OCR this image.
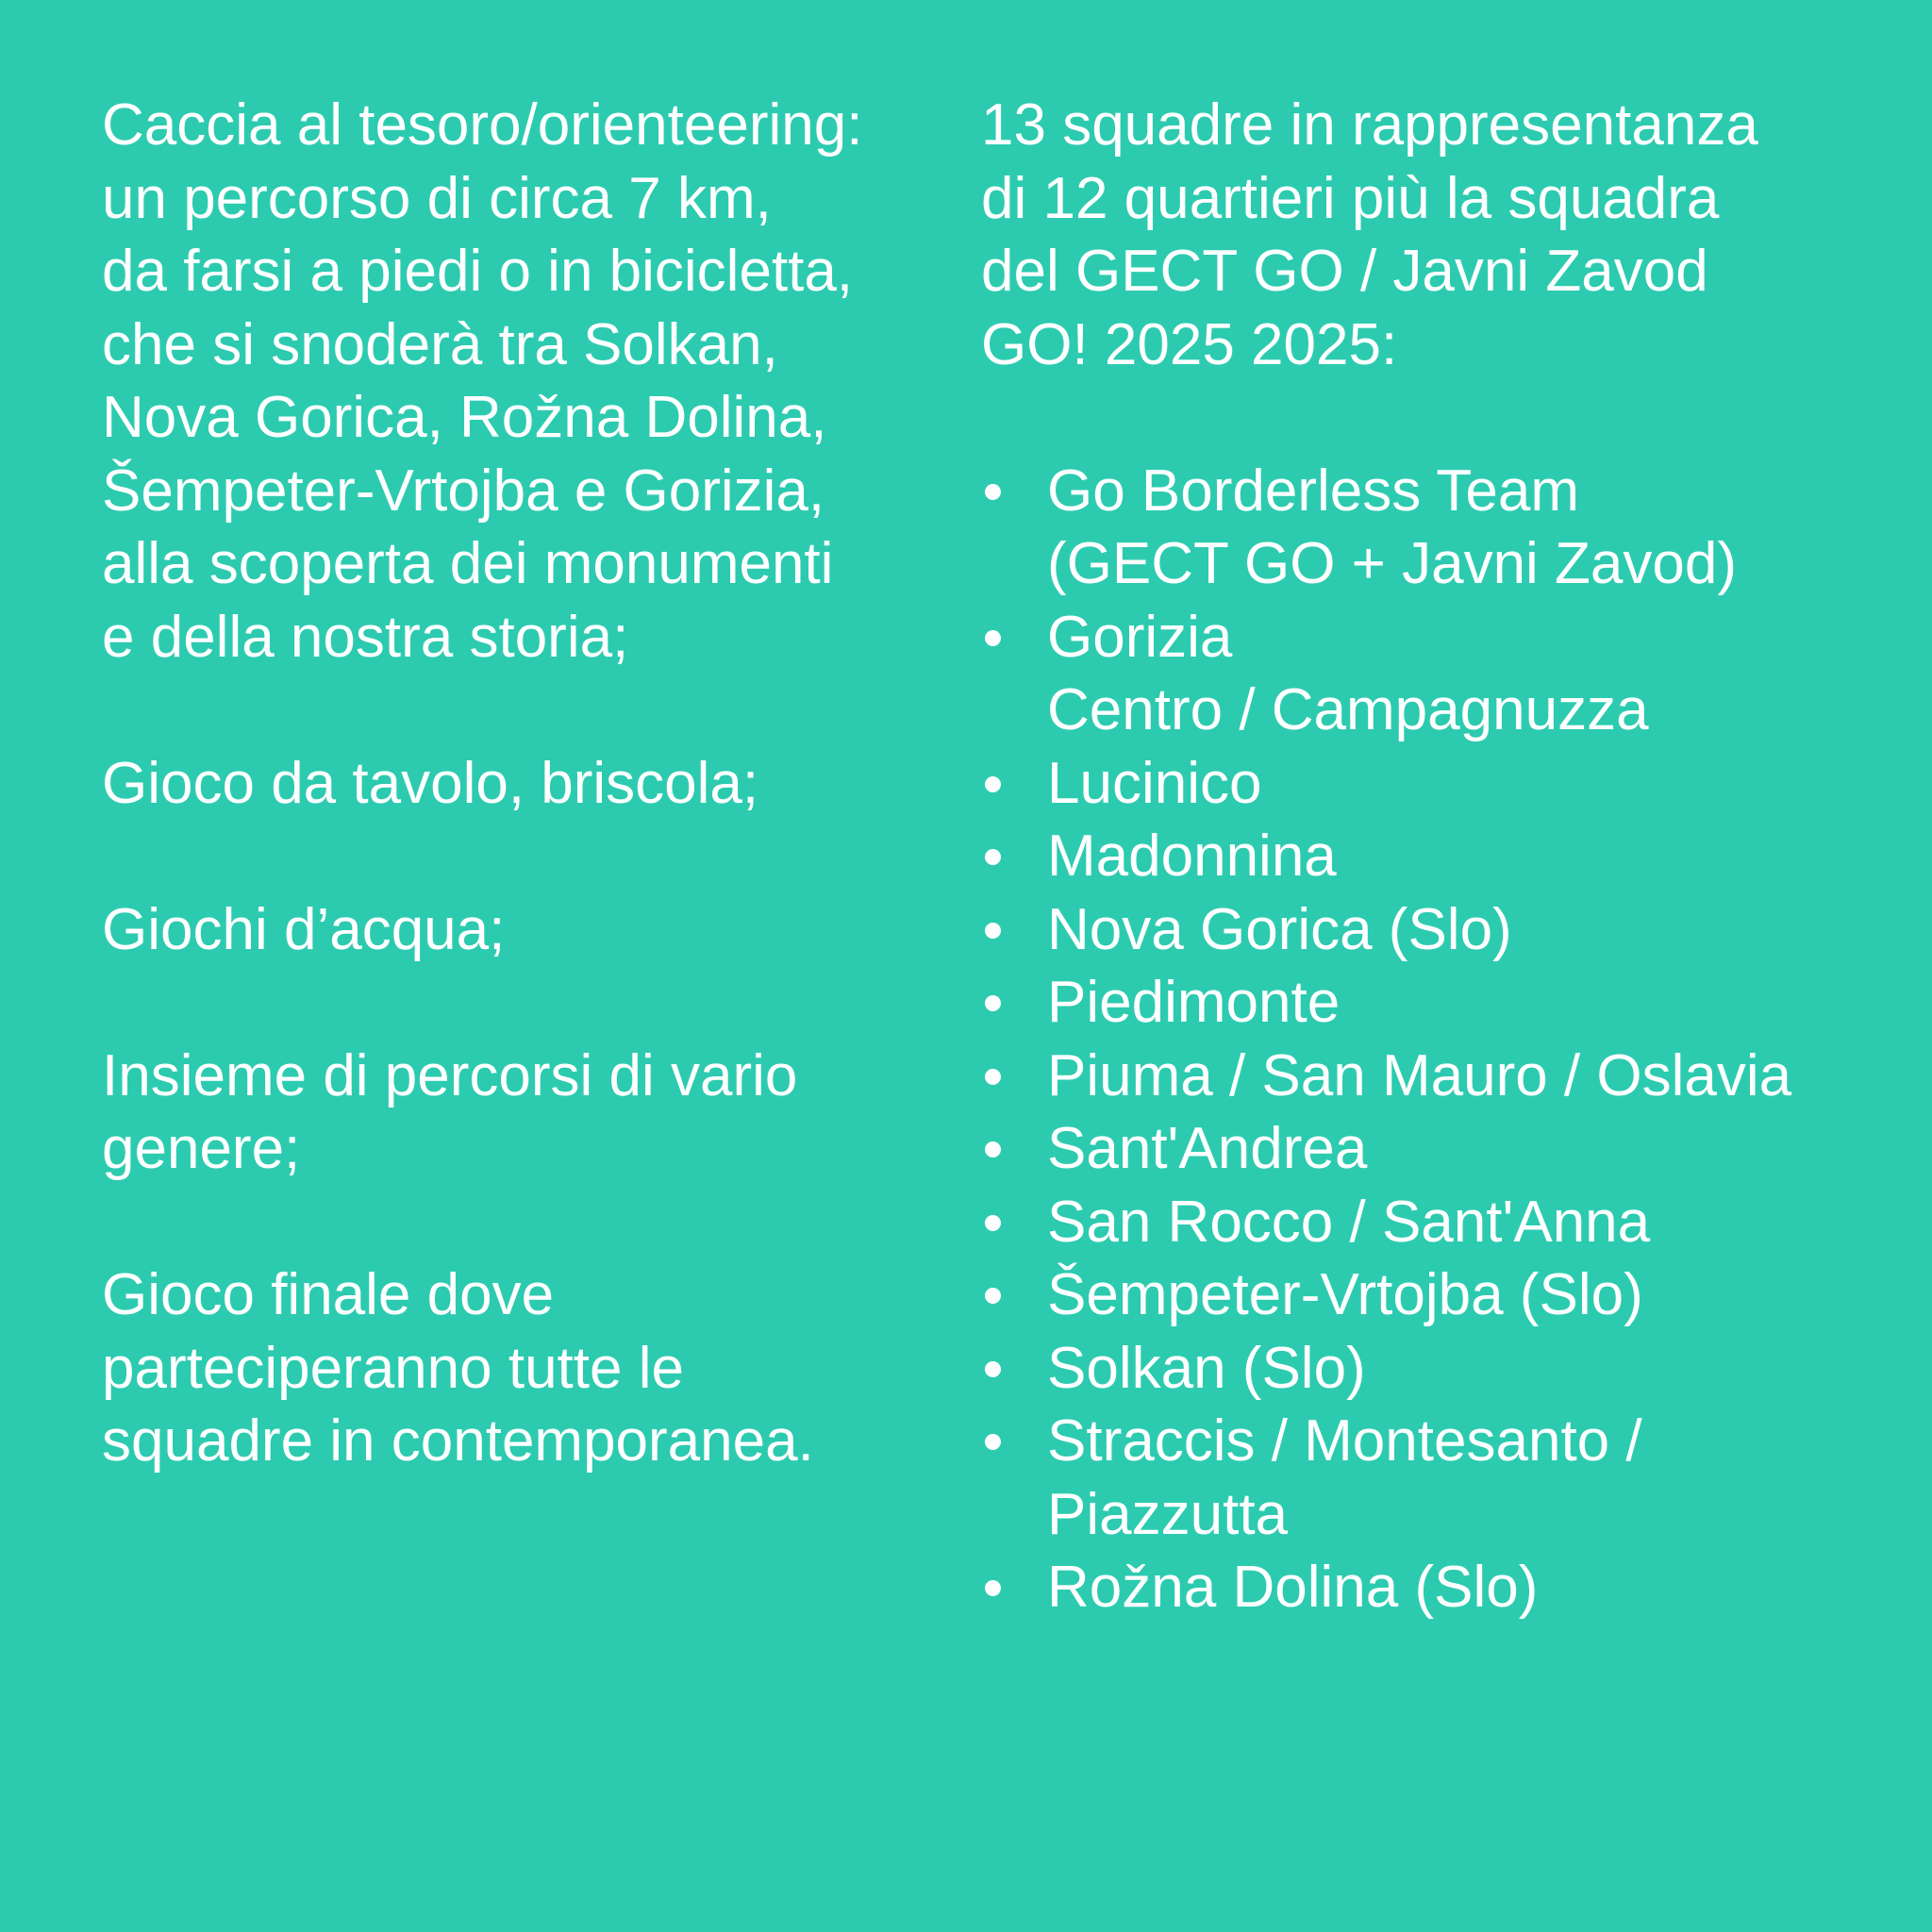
Caccia al tesoro/orienteering:
un percorso di circa 7 km,
da farsi a piedi o in bicicletta,
che si snoderà tra Solkan,
Nova Gorica, Rožna Dolina,
Šempeter-Vrtojba e Gorizia,
alla scoperta dei monumenti
e della nostra storia;
Gioco da tavolo, briscola;
Giochi d’acqua;
Insieme di percorsi di vario
genere;
Gioco finale dove
parteciperanno tutte le
squadre in contemporanea.
13 squadre in rappresentanza
di 12 quartieri più la squadra
del GECT GO / Javni Zavod
GO! 2025 2025:
Go Borderless Team
(GECT GO + Javni Zavod)
Gorizia
Centro / Campagnuzza
Lucinico
Madonnina
Nova Gorica (Slo)
Piedimonte
Piuma / San Mauro / Oslavia
Sant'Andrea
San Rocco / Sant'Anna
Šempeter-Vrtojba (Slo)
Solkan (Slo)
Straccis / Montesanto /
Piazzutta
Rožna Dolina (Slo)
